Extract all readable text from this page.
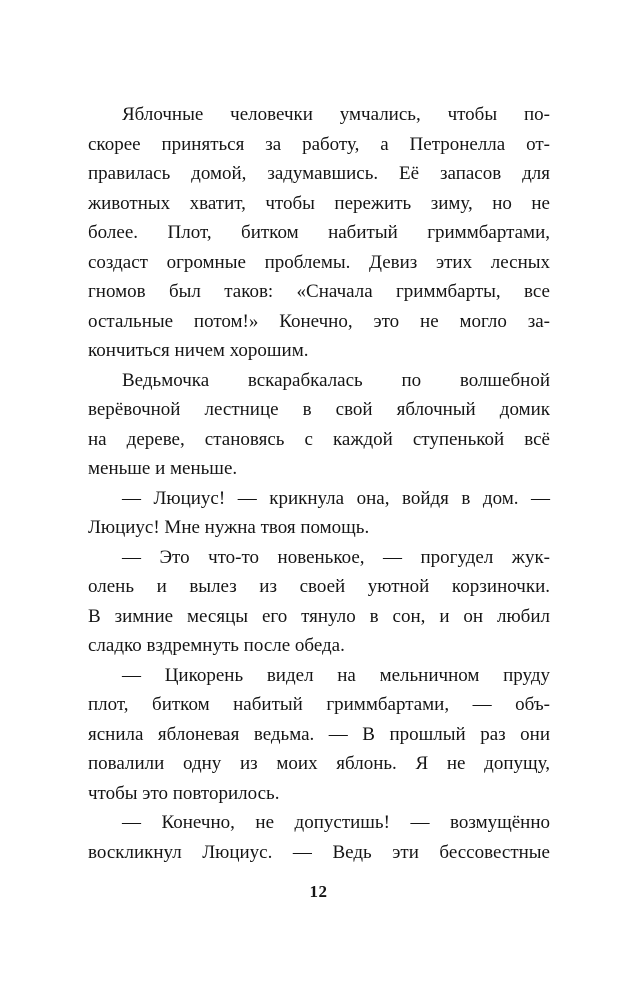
Яблочные человечки умчались, чтобы по-
скорее приняться за работу, а Петронелла от-
правилась домой, задумавшись. Её запасов для
животных хватит, чтобы пережить зиму, но не
более. Плот, битком набитый гриммбартами,
создаст огромные проблемы. Девиз этих лесных
гномов был таков: «Сначала гриммбарты, все
остальные потом!» Конечно, это не могло за-
кончиться ничем хорошим.
Ведьмочка вскарабкалась по волшебной
верёвочной лестнице в свой яблочный домик
на дереве, становясь с каждой ступенькой всё
меньше и меньше.
— Люциус! — крикнула она, войдя в дом. —
Люциус! Мне нужна твоя помощь.
— Это что-то новенькое, — прогудел жук-
олень и вылез из своей уютной корзиночки.
В зимние месяцы его тянуло в сон, и он любил
сладко вздремнуть после обеда.
— Цикорень видел на мельничном пруду
плот, битком набитый гриммбартами, — объ-
яснила яблоневая ведьма. — В прошлый раз они
повалили одну из моих яблонь. Я не допущу,
чтобы это повторилось.
— Конечно, не допустишь! — возмущённо
воскликнул Люциус. — Ведь эти бессовестные
12
